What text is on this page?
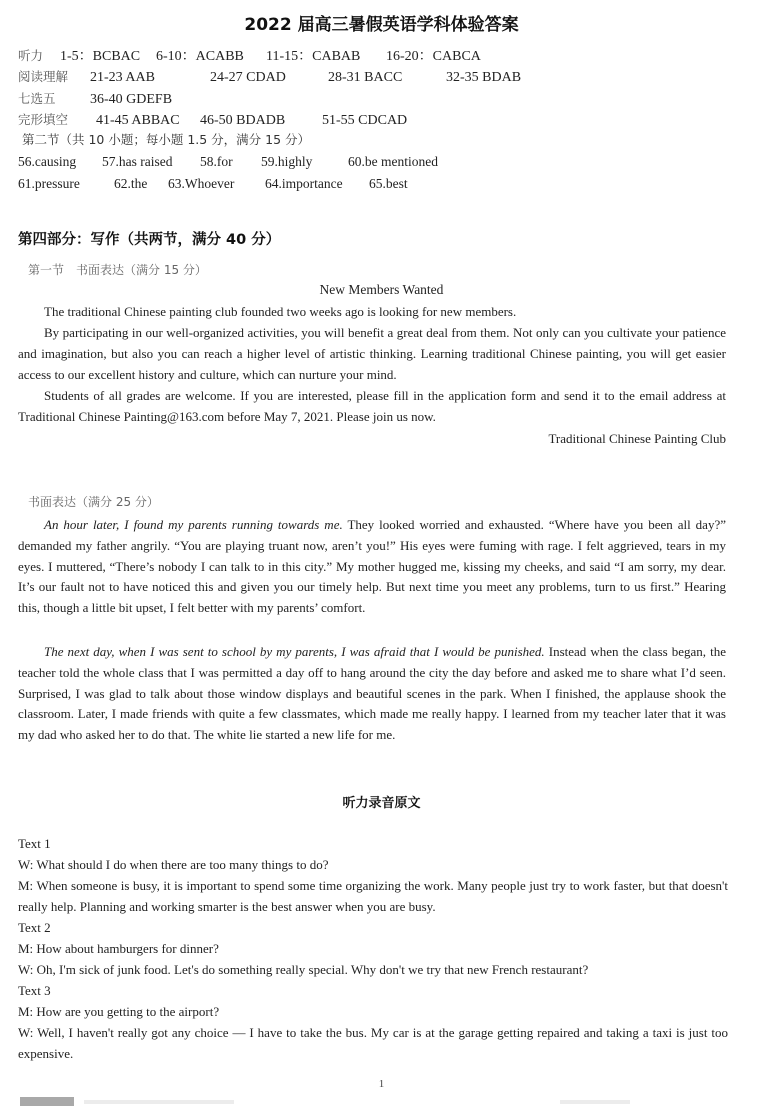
2022 届高三暑假英语学科体验答案
听力 1-5：BCBAC 6-10：ACABB 11-15：CABAB 16-20：CABCA
阅读理解 21-23 AAB	24-27 CDAD	28-31 BACC	32-35 BDAB
七选五 36-40 GDEFB
完形填空 41-45 ABBAC 46-50 BDADB	51-55 CDCAD
第二节（共 10 小题；每小题 1.5 分，满分 15 分）
56.causing 57.has raised 58.for 59.highly	60.be mentioned
61.pressure	62.the 63.Whoever 64.importance 65.best
第四部分：写作（共两节，满分 40 分）
第一节　书面表达（满分 15 分）
New Members Wanted

The traditional Chinese painting club founded two weeks ago is looking for new members.

By participating in our well-organized activities, you will benefit a great deal from them. Not only can you cultivate your patience and imagination, but also you can reach a higher level of artistic thinking. Learning traditional Chinese painting, you will get easier access to our excellent history and culture, which can nurture your mind.

Students of all grades are welcome. If you are interested, please fill in the application form and send it to the email address at Traditional Chinese Painting@163.com before May 7, 2021. Please join us now.

Traditional Chinese Painting Club
书面表达（满分 25 分）

An hour later, I found my parents running towards me. They looked worried and exhausted. “Where have you been all day?” demanded my father angrily. “You are playing truant now, aren’t you!” His eyes were fuming with rage. I felt aggrieved, tears in my eyes. I muttered, “There’s nobody I can talk to in this city.” My mother hugged me, kissing my cheeks, and said “I am sorry, my dear. It’s our fault not to have noticed this and given you our timely help. But next time you meet any problems, turn to us first.” Hearing this, though a little bit upset, I felt better with my parents’ comfort.

The next day, when I was sent to school by my parents, I was afraid that I would be punished. Instead when the class began, the teacher told the whole class that I was permitted a day off to hang around the city the day before and asked me to share what I’d seen. Surprised, I was glad to talk about those window displays and beautiful scenes in the park. When I finished, the applause shook the classroom. Later, I made friends with quite a few classmates, which made me really happy. I learned from my teacher later that it was my dad who asked her to do that. The white lie started a new life for me.

听力录音原文
Text 1
W: What should I do when there are too many things to do?
M: When someone is busy, it is important to spend some time organizing the work. Many people just try to work faster, but that doesn't really help. Planning and working smarter is the best answer when you are busy.
Text 2
M: How about hamburgers for dinner?
W: Oh, I'm sick of junk food. Let's do something really special. Why don't we try that new French restaurant?
Text 3
M: How are you getting to the airport?
W: Well, I haven't really got any choice — I have to take the bus. My car is at the garage getting repaired and taking a taxi is just too expensive.
1
